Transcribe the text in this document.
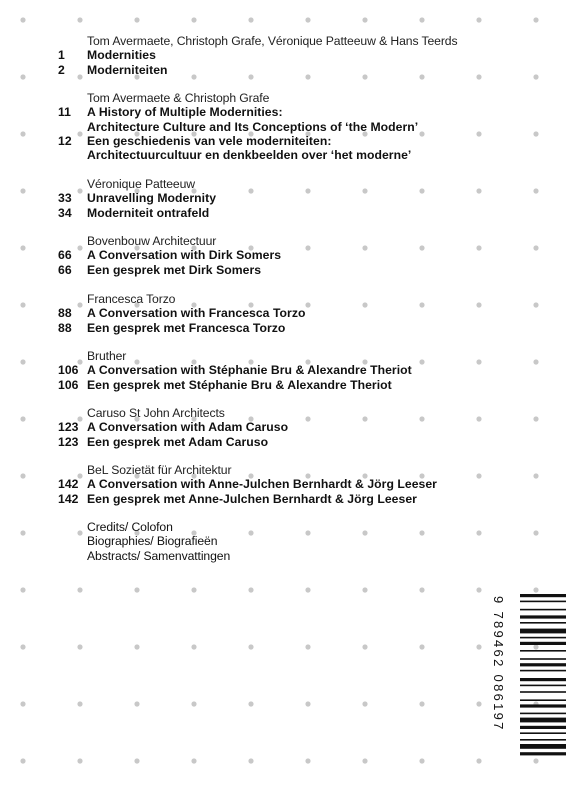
Tom Avermaete, Christoph Grafe, Véronique Patteeuw & Hans Teerds
1	Modernities
2	Moderniteiten
Tom Avermaete & Christoph Grafe
11	A History of Multiple Modernities:
Architecture Culture and Its Conceptions of ‘the Modern’
12	Een geschiedenis van vele moderniteiten:
Architectuurcultuur en denkbeelden over ‘het moderne’
Véronique Patteeuw
33	Unravelling Modernity
34	Moderniteit ontrafeld
Bovenbouw Architectuur
66	A Conversation with Dirk Somers
66	Een gesprek met Dirk Somers
Francesca Torzo
88	A Conversation with Francesca Torzo
88	Een gesprek met Francesca Torzo
Bruther
106 A Conversation with Stéphanie Bru & Alexandre Theriot
106 Een gesprek met Stéphanie Bru & Alexandre Theriot
Caruso St John Architects
123 A Conversation with Adam Caruso
123 Een gesprek met Adam Caruso
BeL Sozietät für Architektur
142 A Conversation with Anne-Julchen Bernhardt & Jörg Leeser
142 Een gesprek met Anne-Julchen Bernhardt & Jörg Leeser
Credits/ Colofon
Biographies/ Biografieën
Abstracts/ Samenvattingen
9 789462 086197
